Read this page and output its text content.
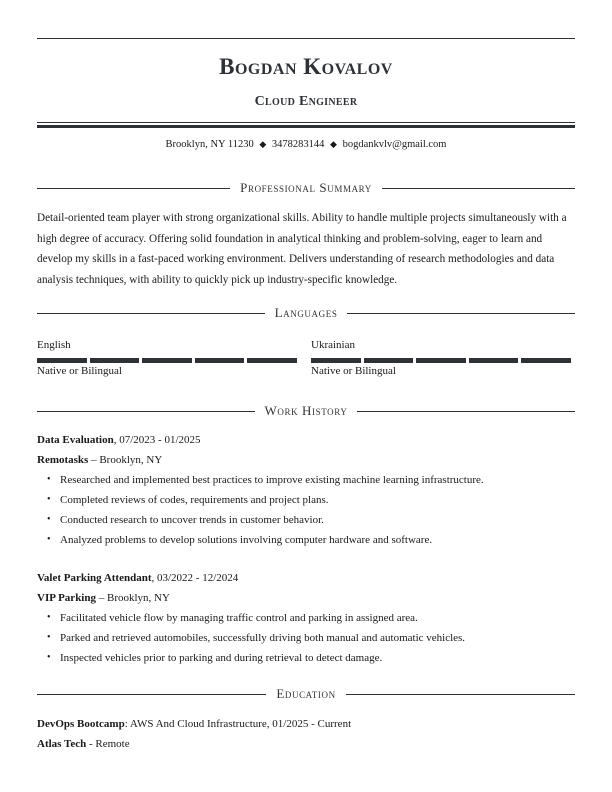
Bogdan Kovalov
Cloud Engineer
Brooklyn, NY 11230 ◆ 3478283144 ◆ bogdankvlv@gmail.com
Professional Summary
Detail-oriented team player with strong organizational skills. Ability to handle multiple projects simultaneously with a high degree of accuracy. Offering solid foundation in analytical thinking and problem-solving, eager to learn and develop my skills in a fast-paced working environment. Delivers understanding of research methodologies and data analysis techniques, with ability to quickly pick up industry-specific knowledge.
Languages
English
Native or Bilingual
Ukrainian
Native or Bilingual
Work History
Data Evaluation, 07/2023 - 01/2025
Remotasks – Brooklyn, NY
• Researched and implemented best practices to improve existing machine learning infrastructure.
• Completed reviews of codes, requirements and project plans.
• Conducted research to uncover trends in customer behavior.
• Analyzed problems to develop solutions involving computer hardware and software.
Valet Parking Attendant, 03/2022 - 12/2024
VIP Parking – Brooklyn, NY
• Facilitated vehicle flow by managing traffic control and parking in assigned area.
• Parked and retrieved automobiles, successfully driving both manual and automatic vehicles.
• Inspected vehicles prior to parking and during retrieval to detect damage.
Education
DevOps Bootcamp: AWS And Cloud Infrastructure, 01/2025 - Current
Atlas Tech - Remote
